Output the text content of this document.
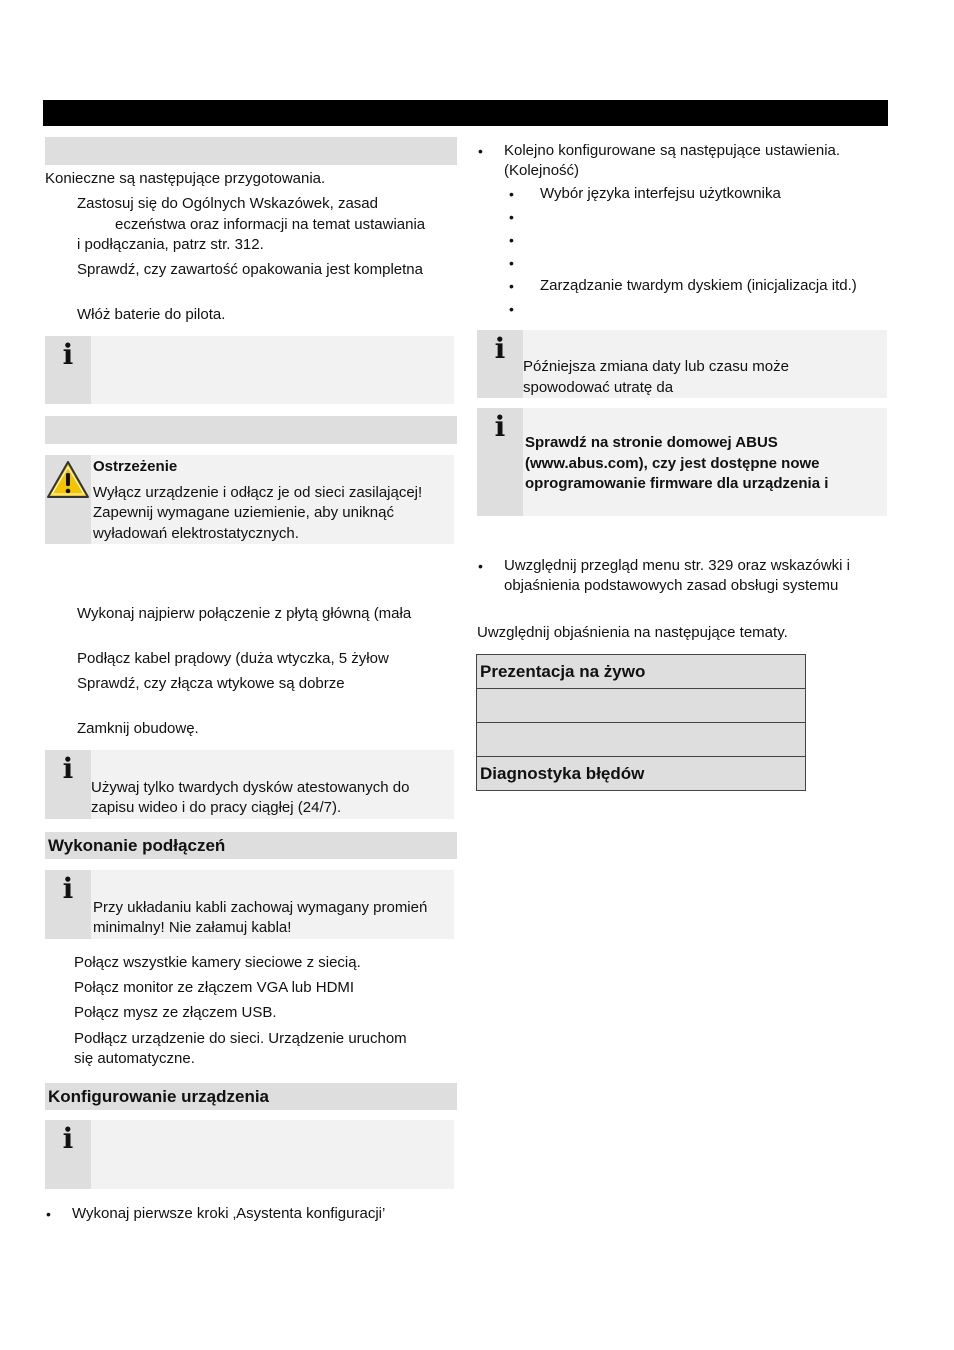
Konieczne są następujące przygotowania.
Zastosuj się do Ogólnych Wskazówek, zasad
eczeństwa oraz informacji na temat ustawiania
i podłączania, patrz str. 312.
Sprawdź, czy zawartość opakowania jest kompletna
Włóż baterie do pilota.
i
Ostrzeżenie
Wyłącz urządzenie i odłącz je od sieci zasilającej!
Zapewnij wymagane uziemienie, aby uniknąć
wyładowań elektrostatycznych.
Wykonaj najpierw połączenie z płytą główną (mała
Podłącz kabel prądowy (duża wtyczka, 5 żyłow
Sprawdź, czy złącza wtykowe są dobrze
Zamknij obudowę.
i
Używaj tylko twardych dysków atestowanych do
zapisu wideo i do pracy ciągłej (24/7).
Wykonanie podłączeń
i
Przy układaniu kabli zachowaj wymagany promień
minimalny! Nie załamuj kabla!
Połącz wszystkie kamery sieciowe z siecią.
Połącz monitor ze złączem VGA lub HDMI
Połącz mysz ze złączem USB.
Podłącz urządzenie do sieci. Urządzenie uruchom
się automatyczne.
Konfigurowanie urządzenia
i
• Wykonaj pierwsze kroki ‚Asystenta konfiguracji’
• Kolejno konfigurowane są następujące ustawienia.
(Kolejność)
• Wybór języka interfejsu użytkownika
•
•
•
• Zarządzanie twardym dyskiem (inicjalizacja itd.)
•
i
Późniejsza zmiana daty lub czasu może
spowodować utratę da
i	Sprawdź na stronie domowej ABUS
(www.abus.com), czy jest dostępne nowe
oprogramowanie firmware dla urządzenia i
• Uwzględnij przegląd menu str. 329 oraz wskazówki i
objaśnienia podstawowych zasad obsługi systemu
Uwzględnij objaśnienia na następujące tematy.
Prezentacja na żywo

Diagnostyka błędów
